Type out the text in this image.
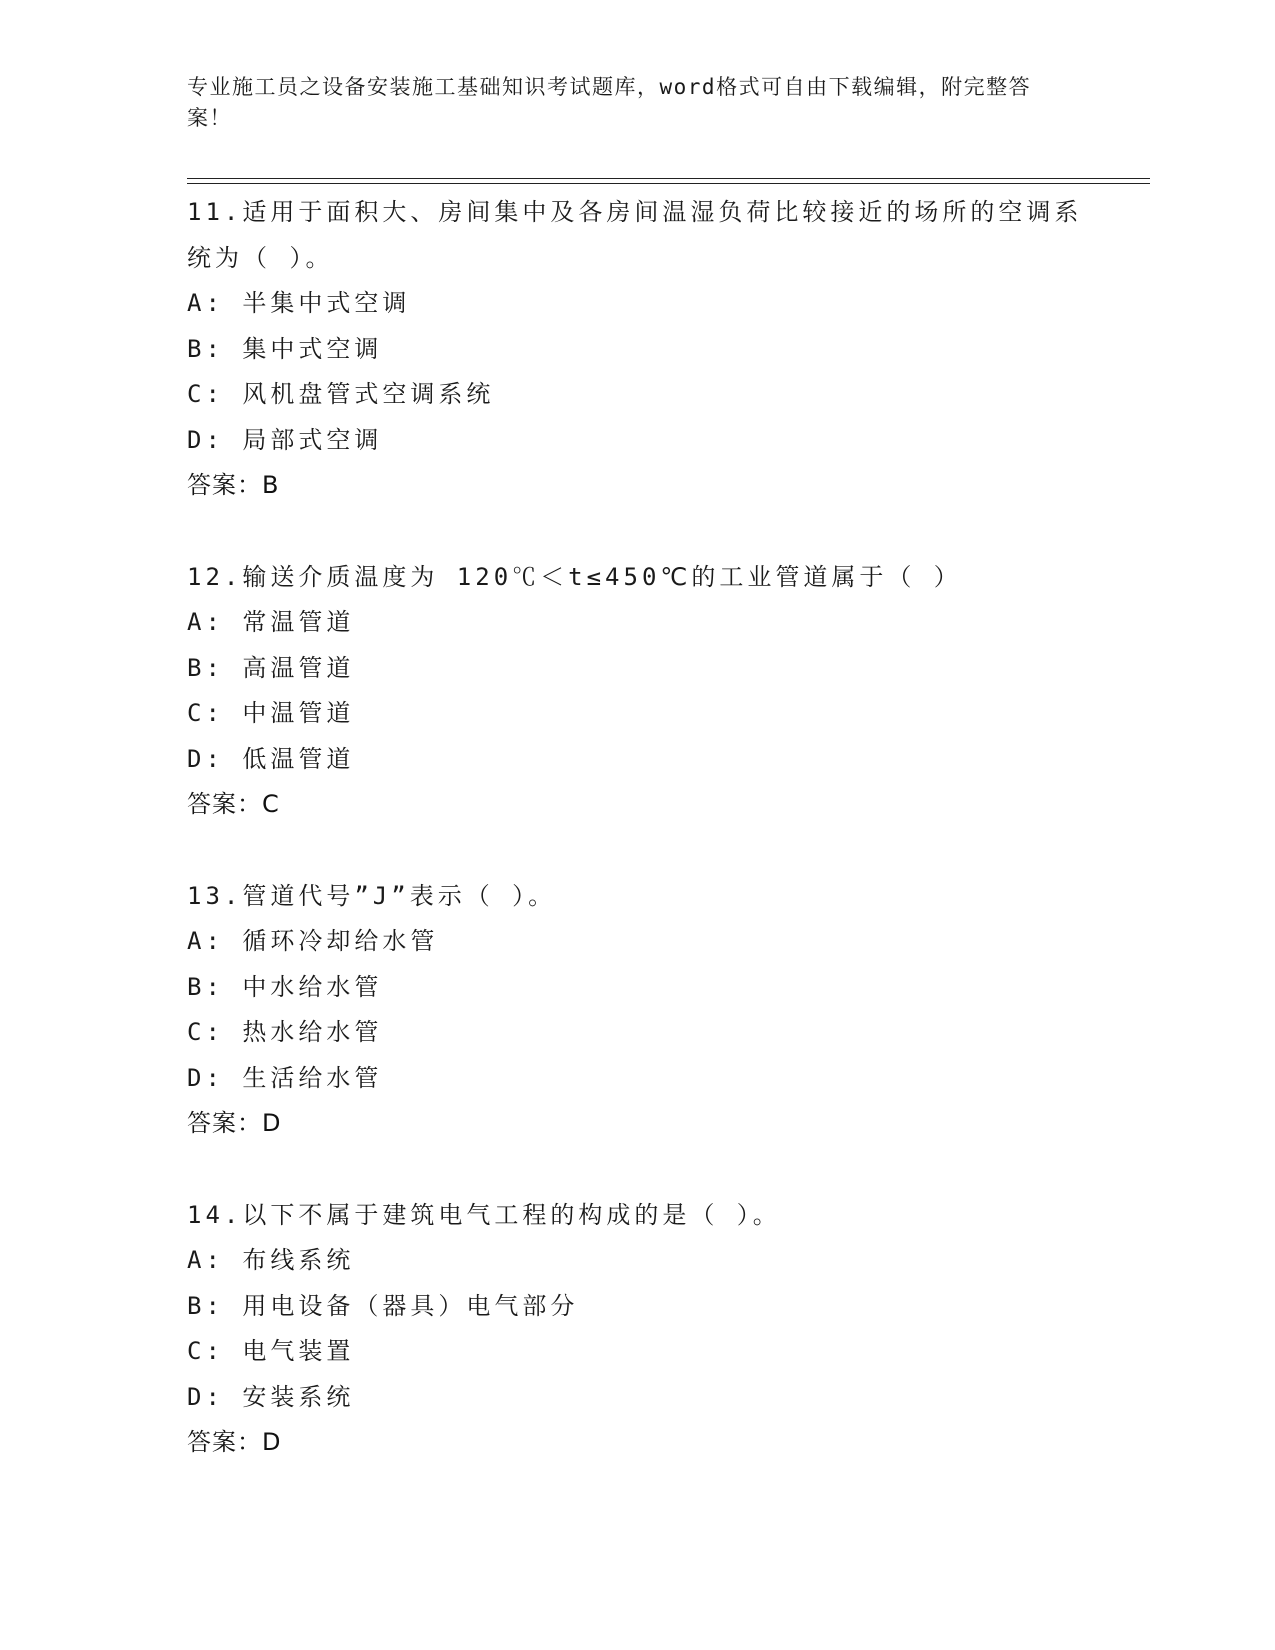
专业施工员之设备安装施工基础知识考试题库，word格式可自由下载编辑，附完整答案！
11.适用于面积大、房间集中及各房间温湿负荷比较接近的场所的空调系统为（ ）。
A: 半集中式空调
B: 集中式空调
C: 风机盘管式空调系统
D: 局部式空调
答案：B
12.输送介质温度为 120℃＜t≤450℃的工业管道属于（ ）
A: 常温管道
B: 高温管道
C: 中温管道
D: 低温管道
答案：C
13.管道代号”J”表示（ ）。
A: 循环冷却给水管
B: 中水给水管
C: 热水给水管
D: 生活给水管
答案：D
14.以下不属于建筑电气工程的构成的是（ ）。
A: 布线系统
B: 用电设备（器具）电气部分
C: 电气装置
D: 安装系统
答案：D
